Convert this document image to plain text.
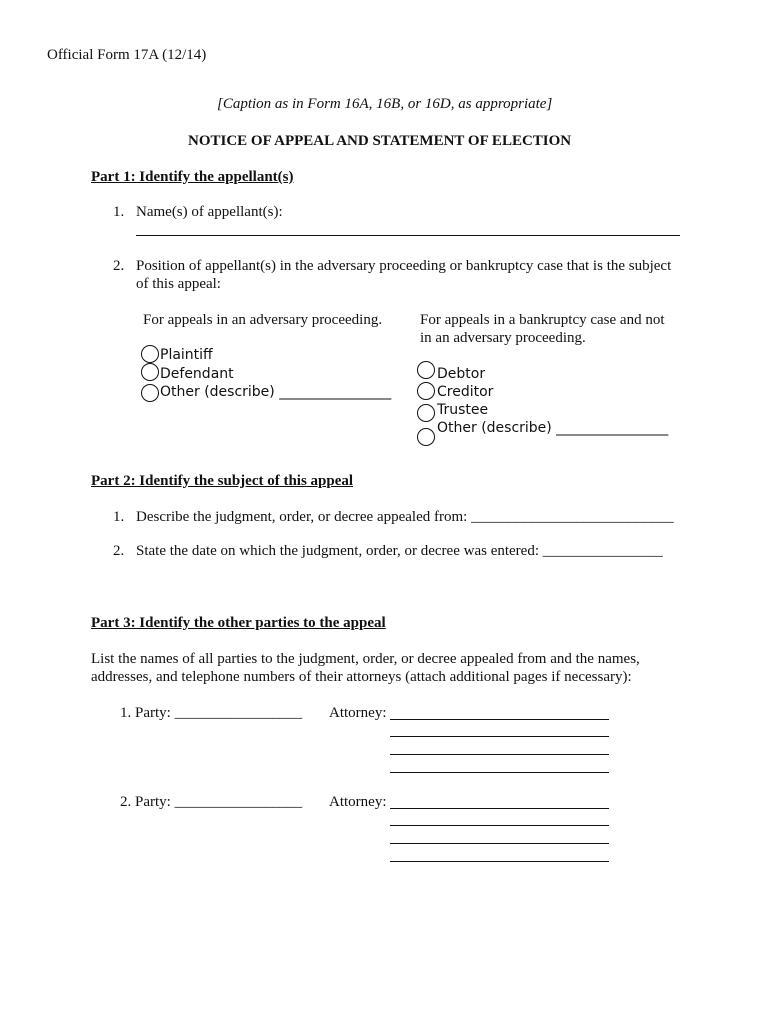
Official Form 17A (12/14)
[Caption as in Form 16A, 16B, or 16D, as appropriate]
NOTICE OF APPEAL AND STATEMENT OF ELECTION
Part 1: Identify the appellant(s)
1. Name(s) of appellant(s):
2. Position of appellant(s) in the adversary proceeding or bankruptcy case that is the subject
of this appeal:
For appeals in an adversary proceeding.
Plaintiff
Defendant
Other (describe) ________________
For appeals in a bankruptcy case and not
in an adversary proceeding.
Debtor
Creditor
Trustee
Other (describe) ________________
Part 2: Identify the subject of this appeal
1. Describe the judgment, order, or decree appealed from: ___________________________
2. State the date on which the judgment, order, or decree was entered: ________________
Part 3: Identify the other parties to the appeal
List the names of all parties to the judgment, order, or decree appealed from and the names,
addresses, and telephone numbers of their attorneys (attach additional pages if necessary):
1. Party: _________________ Attorney:
2. Party: _________________ Attorney:
